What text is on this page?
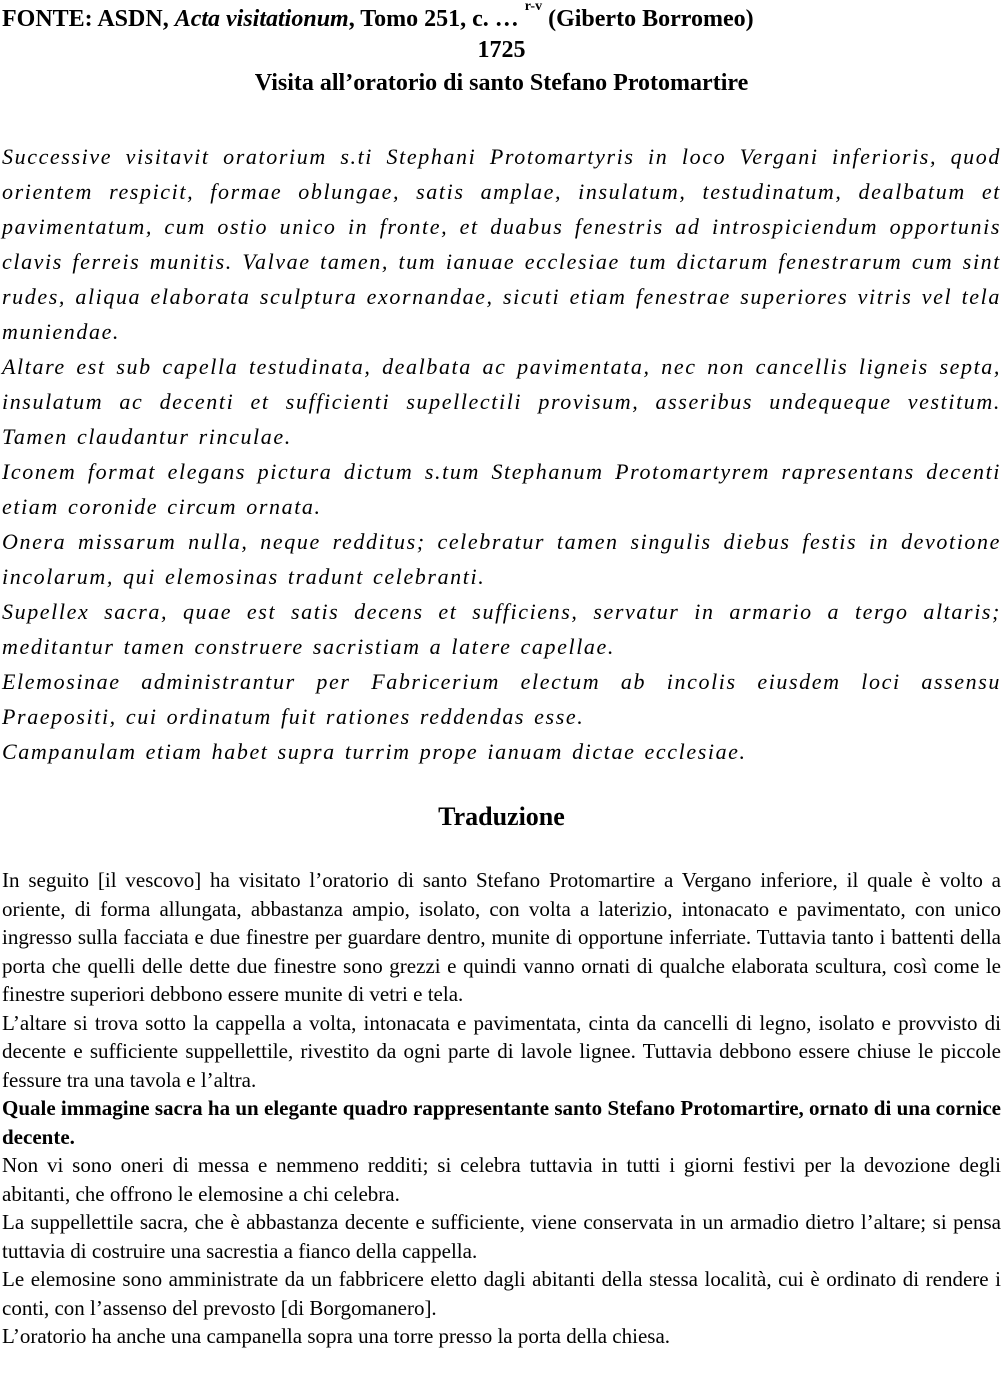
FONTE: ASDN, Acta visitationum, Tomo 251, c. … $^{r-v}$ (Giberto Borromeo)

1725

Visita all’oratorio di santo Stefano Protomartire

Successive visitavit oratorium s.ti Stephani Protomartyris in loco Vergani inferioris, quod orientem respicit, formae oblungae, satis amplae, insulatum, testudinatum, dealbatum et pavimentatum, cum ostio unico in fronte, et duabus fenestris ad introspiciendum opportunis clavis ferreis munitis. Valvae tamen, tum ianuae ecclesiae tum dictarum fenestrarum cum sint rudes, aliqua elaborata sculptura exornandae, sicuti etiam fenestrae superiores vitris vel tela muniendae.

Altare est sub capella testudinata, dealbata ac pavimentata, nec non cancellis ligneis septa, insulatum ac decenti et sufficienti supellectili provisum, asseribus undequeque vestitum. Tamen claudantur rinculae.

Iconem format elegans pictura dictum s.tum Stephanum Protomartyrem rapresentans decenti etiam coronide circum ornata.

Onera missarum nulla, neque redditus; celebratur tamen singulis diebus festis in devotione incolarum, qui elemosinas tradunt celebranti.

Supellex sacra, quae est satis decens et sufficiens, servatur in armario a tergo altaris; meditantur tamen construere sacristiam a latere capellae.

Elemosinae administrantur per Fabricerium electum ab incolis eiusdem loci assensu Praepositi, cui ordinatum fuit rationes reddendas esse.

Campanulam etiam habet supra turrim prope ianuam dictae ecclesiae.

Traduzione

In seguito [il vescovo] ha visitato l’oratorio di santo Stefano Protomartire a Vergano inferiore, il quale è volto a oriente, di forma allungata, abbastanza ampio, isolato, con volta a laterizio, intonacato e pavimentato, con unico ingresso sulla facciata e due finestre per guardare dentro, munite di opportune inferriate. Tuttavia tanto i battenti della porta che quelli delle dette due finestre sono grezzi e quindi vanno ornati di qualche elaborata scultura, così come le finestre superiori debbono essere munite di vetri e tela.

L’altare si trova sotto la cappella a volta, intonacata e pavimentata, cinta da cancelli di legno, isolato e provvisto di decente e sufficiente suppellettile, rivestito da ogni parte di lavole lignee. Tuttavia debbono essere chiuse le piccole fessure tra una tavola e l’altra.

Quale immagine sacra ha un elegante quadro rappresentante santo Stefano Protomartire, ornato di una cornice decente.

Non vi sono oneri di messa e nemmeno redditi; si celebra tuttavia in tutti i giorni festivi per la devozione degli abitanti, che offrono le elemosine a chi celebra.

La suppellettile sacra, che è abbastanza decente e sufficiente, viene conservata in un armadio dietro l’altare; si pensa tuttavia di costruire una sacrestia a fianco della cappella.

Le elemosine sono amministrate da un fabbricere eletto dagli abitanti della stessa località, cui è ordinato di rendere i conti, con l’assenso del prevosto [di Borgomanero].

L’oratorio ha anche una campanella sopra una torre presso la porta della chiesa.
